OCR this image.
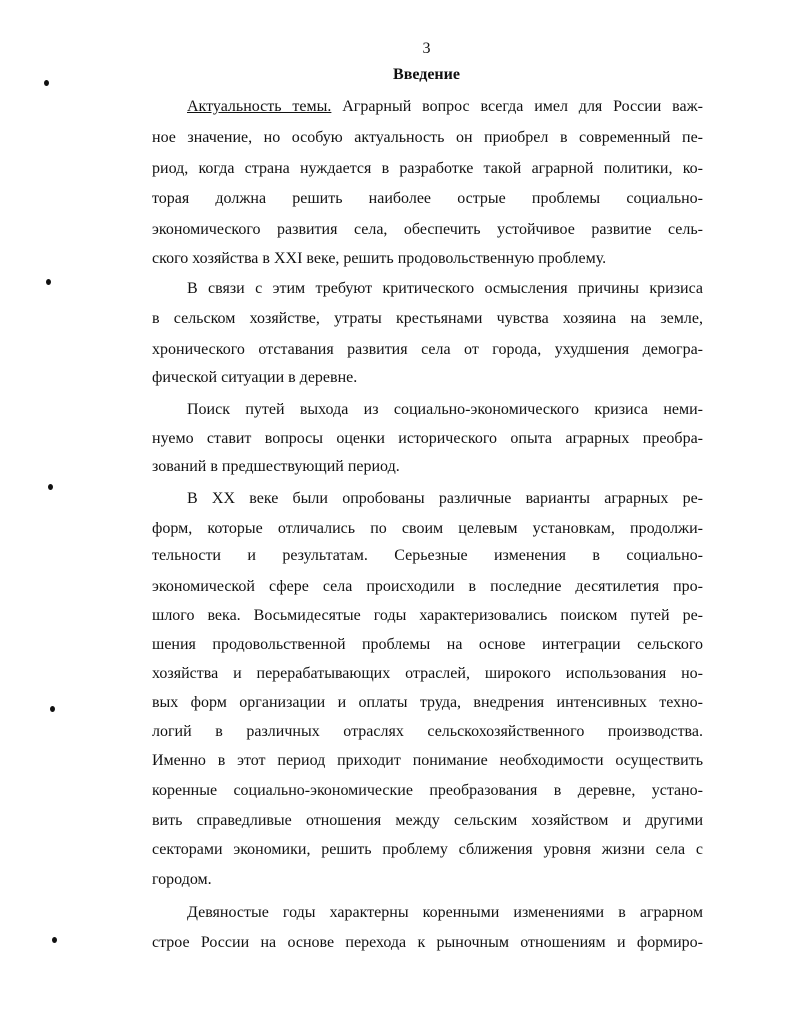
3
Введение
Актуальность темы. Аграрный вопрос всегда имел для России важ-
ное значение, но особую актуальность он приобрел в современный пе-
риод, когда страна нуждается в разработке такой аграрной политики, ко-
торая должна решить наиболее острые проблемы социально-
экономического развития села, обеспечить устойчивое развитие сель-
ского хозяйства в XXI веке, решить продовольственную проблему.
В связи с этим требуют критического осмысления причины кризиса
в сельском хозяйстве, утраты крестьянами чувства хозяина на земле,
хронического отставания развития села от города, ухудшения демогра-
фической ситуации в деревне.
Поиск путей выхода из социально-экономического кризиса неми-
нуемо ставит вопросы оценки исторического опыта аграрных преобра-
зований в предшествующий период.
В XX веке были опробованы различные варианты аграрных ре-
форм, которые отличались по своим целевым установкам, продолжи-
тельности и результатам. Серьезные изменения в социально-
экономической сфере села происходили в последние десятилетия про-
шлого века. Восьмидесятые годы характеризовались поиском путей ре-
шения продовольственной проблемы на основе интеграции сельского
хозяйства и перерабатывающих отраслей, широкого использования но-
вых форм организации и оплаты труда, внедрения интенсивных техно-
логий в различных отраслях сельскохозяйственного производства.
Именно в этот период приходит понимание необходимости осуществить
коренные социально-экономические преобразования в деревне, устано-
вить справедливые отношения между сельским хозяйством и другими
секторами экономики, решить проблему сближения уровня жизни села с
городом.
Девяностые годы характерны коренными изменениями в аграрном
строе России на основе перехода к рыночным отношениям и формиро-
